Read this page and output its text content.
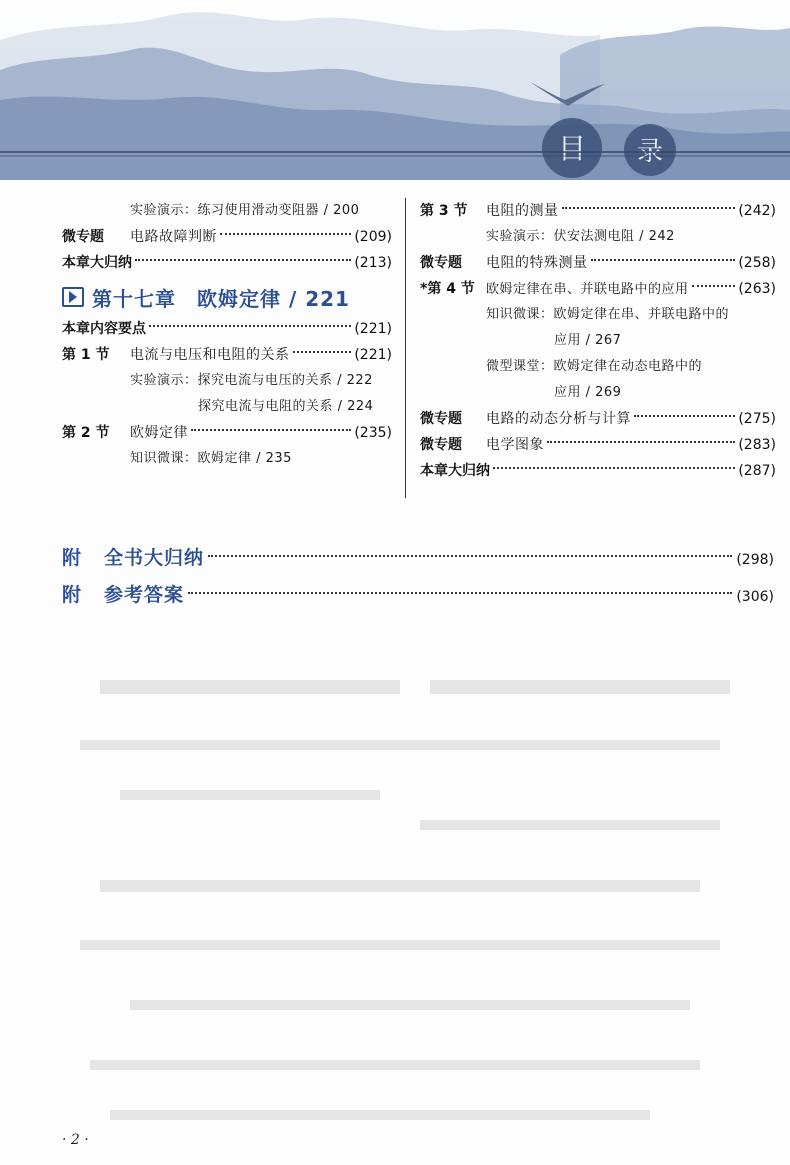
目 录
实验演示：练习使用滑动变阻器 / 200
微专题	电路故障判断	(209)
本章大归纳	(213)
第十七章　欧姆定律 / 221
本章内容要点	(221)
第 1 节	电流与电压和电阻的关系	(221)
实验演示：探究电流与电压的关系 / 222
探究电流与电阻的关系 / 224
第 2 节	欧姆定律	(235)
知识微课：欧姆定律 / 235
第 3 节	电阻的测量	(242)
实验演示：伏安法测电阻 / 242
微专题	电阻的特殊测量	(258)
*第 4 节 欧姆定律在串、并联电路中的应用	(263)
知识微课：欧姆定律在串、并联电路中的
应用 / 267
微型课堂：欧姆定律在动态电路中的
应用 / 269
微专题	电路的动态分析与计算	(275)
微专题	电学图象	(283)
本章大归纳	(287)
附	全书大归纳	(298)
附	参考答案	(306)
· 2 ·
